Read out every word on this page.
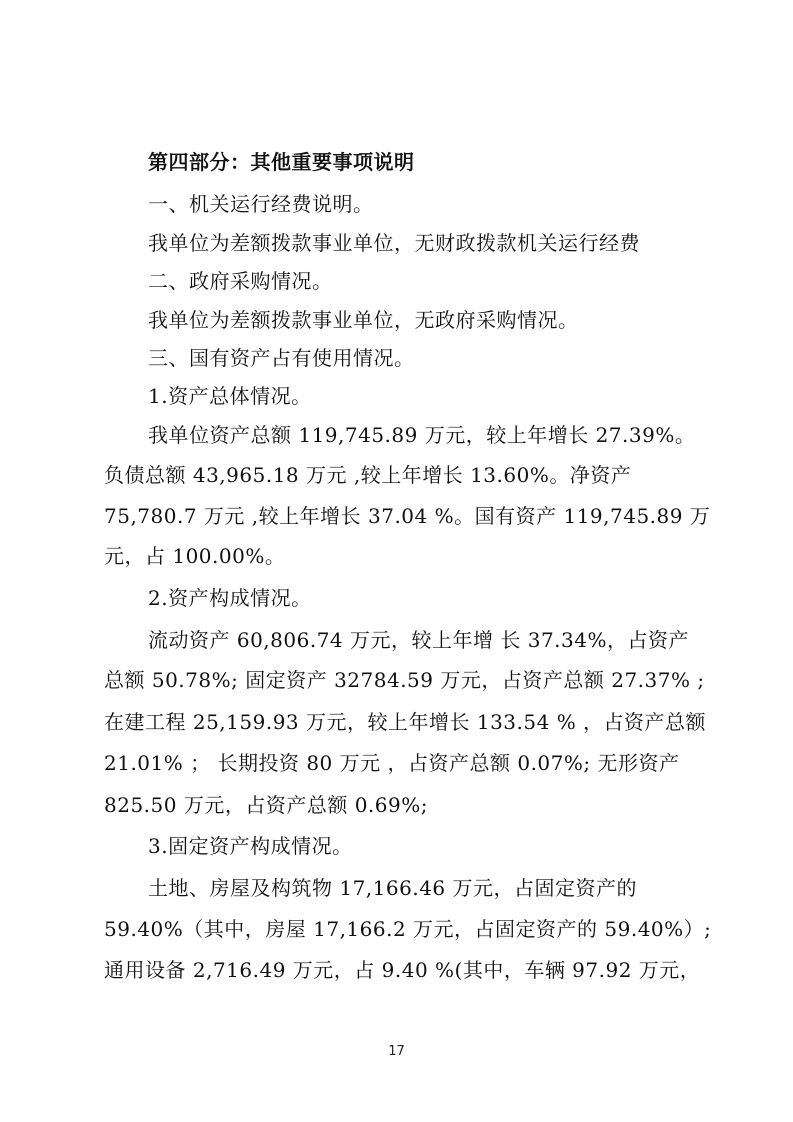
第四部分：其他重要事项说明
一、机关运行经费说明。
我单位为差额拨款事业单位，无财政拨款机关运行经费
二、政府采购情况。
我单位为差额拨款事业单位，无政府采购情况。
三、国有资产占有使用情况。
1.资产总体情况。
我单位资产总额 119,745.89 万元，较上年增长 27.39%。
负债总额 43,965.18 万元 ,较上年增长 13.60%。净资产
75,780.7 万元 ,较上年增长 37.04 %。国有资产 119,745.89 万
元，占 100.00%。
2.资产构成情况。
流动资产 60,806.74 万元，较上年增 长 37.34%，占资产
总额 50.78%; 固定资产 32784.59 万元，占资产总额 27.37% ;
在建工程 25,159.93 万元，较上年增长 133.54 % ，占资产总额
21.01% ； 长期投资 80 万元 ，占资产总额 0.07%; 无形资产
825.50 万元，占资产总额 0.69%;
3.固定资产构成情况。
土地、房屋及构筑物 17,166.46 万元，占固定资产的
59.40%（其中，房屋 17,166.2 万元，占固定资产的 59.40%）;
通用设备 2,716.49 万元，占 9.40 %(其中，车辆 97.92 万元，
17
